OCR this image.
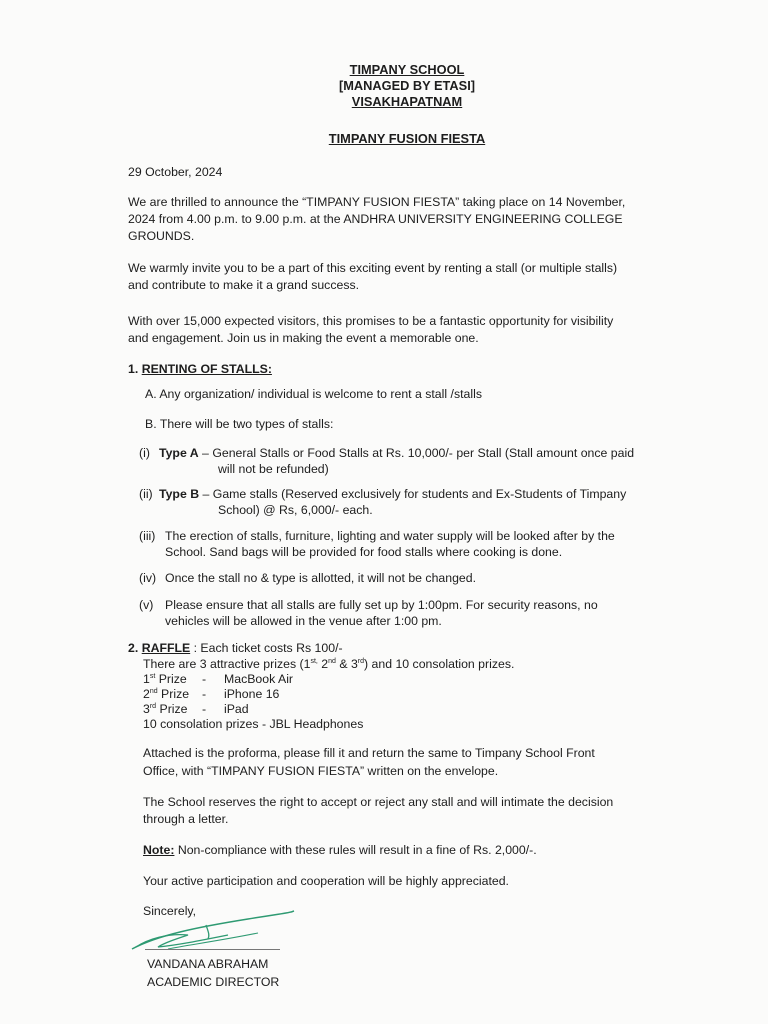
TIMPANY SCHOOL
[MANAGED BY ETASI]
VISAKHAPATNAM
TIMPANY FUSION FIESTA
29 October, 2024
We are thrilled to announce the “TIMPANY FUSION FIESTA” taking place on 14 November,
2024 from 4.00 p.m. to 9.00 p.m. at the ANDHRA UNIVERSITY ENGINEERING COLLEGE
GROUNDS.
We warmly invite you to be a part of this exciting event by renting a stall (or multiple stalls)
and contribute to make it a grand success.
With over 15,000 expected visitors, this promises to be a fantastic opportunity for visibility
and engagement. Join us in making the event a memorable one.
1. RENTING OF STALLS:
A. Any organization/ individual is welcome to rent a stall /stalls
B. There will be two types of stalls:
(i) Type A – General Stalls or Food Stalls at Rs. 10,000/- per Stall (Stall amount once paid
will not be refunded)
(ii) Type B – Game stalls (Reserved exclusively for students and Ex-Students of Timpany
School) @ Rs, 6,000/- each.
(iii) The erection of stalls, furniture, lighting and water supply will be looked after by the
School. Sand bags will be provided for food stalls where cooking is done.
(iv) Once the stall no & type is allotted, it will not be changed.
(v) Please ensure that all stalls are fully set up by 1:00pm. For security reasons, no
vehicles will be allowed in the venue after 1:00 pm.
2. RAFFLE : Each ticket costs Rs 100/-
There are 3 attractive prizes ($1^{st,}$ 2nd & 3rd) and 10 consolation prizes.
1st Prize - MacBook Air
2nd Prize - iPhone 16
3rd Prize - iPad
10 consolation prizes - JBL Headphones
Attached is the proforma, please fill it and return the same to Timpany School Front
Office, with “TIMPANY FUSION FIESTA” written on the envelope.
The School reserves the right to accept or reject any stall and will intimate the decision
through a letter.
Note: Non-compliance with these rules will result in a fine of Rs. 2,000/-.
Your active participation and cooperation will be highly appreciated.
Sincerely,
VANDANA ABRAHAM
ACADEMIC DIRECTOR
